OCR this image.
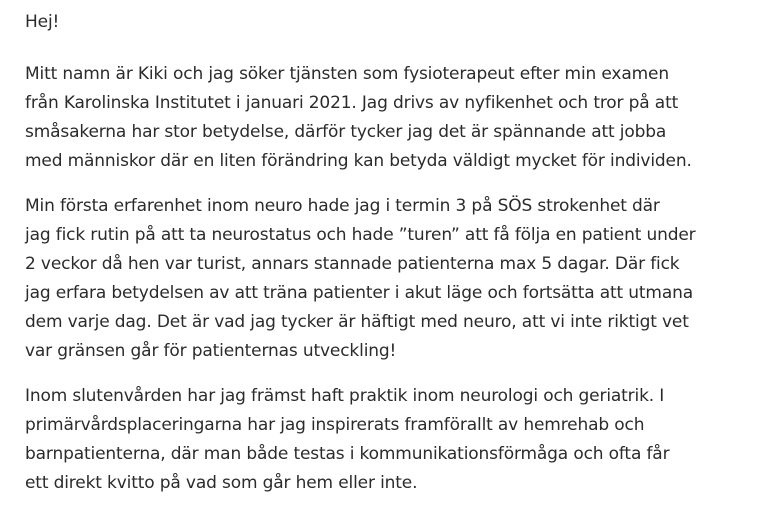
Hej!
Mitt namn är Kiki och jag söker tjänsten som fysioterapeut efter min examen
från Karolinska Institutet i januari 2021. Jag drivs av nyfikenhet och tror på att
småsakerna har stor betydelse, därför tycker jag det är spännande att jobba
med människor där en liten förändring kan betyda väldigt mycket för individen.
Min första erfarenhet inom neuro hade jag i termin 3 på SÖS strokenhet där
jag fick rutin på att ta neurostatus och hade ”turen” att få följa en patient under
2 veckor då hen var turist, annars stannade patienterna max 5 dagar. Där fick
jag erfara betydelsen av att träna patienter i akut läge och fortsätta att utmana
dem varje dag. Det är vad jag tycker är häftigt med neuro, att vi inte riktigt vet
var gränsen går för patienternas utveckling!
Inom slutenvården har jag främst haft praktik inom neurologi och geriatrik. I
primärvårdsplaceringarna har jag inspirerats framförallt av hemrehab och
barnpatienterna, där man både testas i kommunikationsförmåga och ofta får
ett direkt kvitto på vad som går hem eller inte.
